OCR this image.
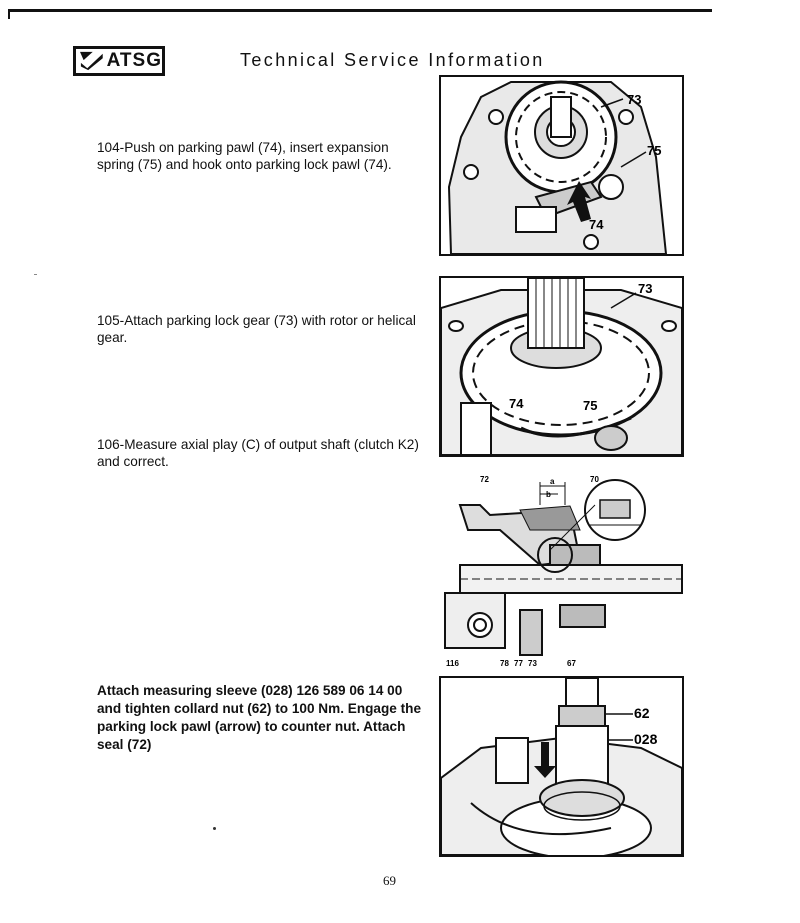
ATSG	Technical Service Information
104-Push on parking pawl (74), insert expansion spring (75) and hook onto parking lock pawl (74).
105-Attach parking lock gear (73) with rotor or helical gear.
106-Measure axial play (C) of output shaft (clutch K2) and correct.
Attach measuring sleeve (028) 126 589 06 14 00 and tighten collard nut (62) to 100 Nm. Engage the parking lock pawl (arrow) to counter nut. Attach seal (72)
73
75
74
73
74	75
72	a
b
70
116	78 77 73	67
62
028
69
